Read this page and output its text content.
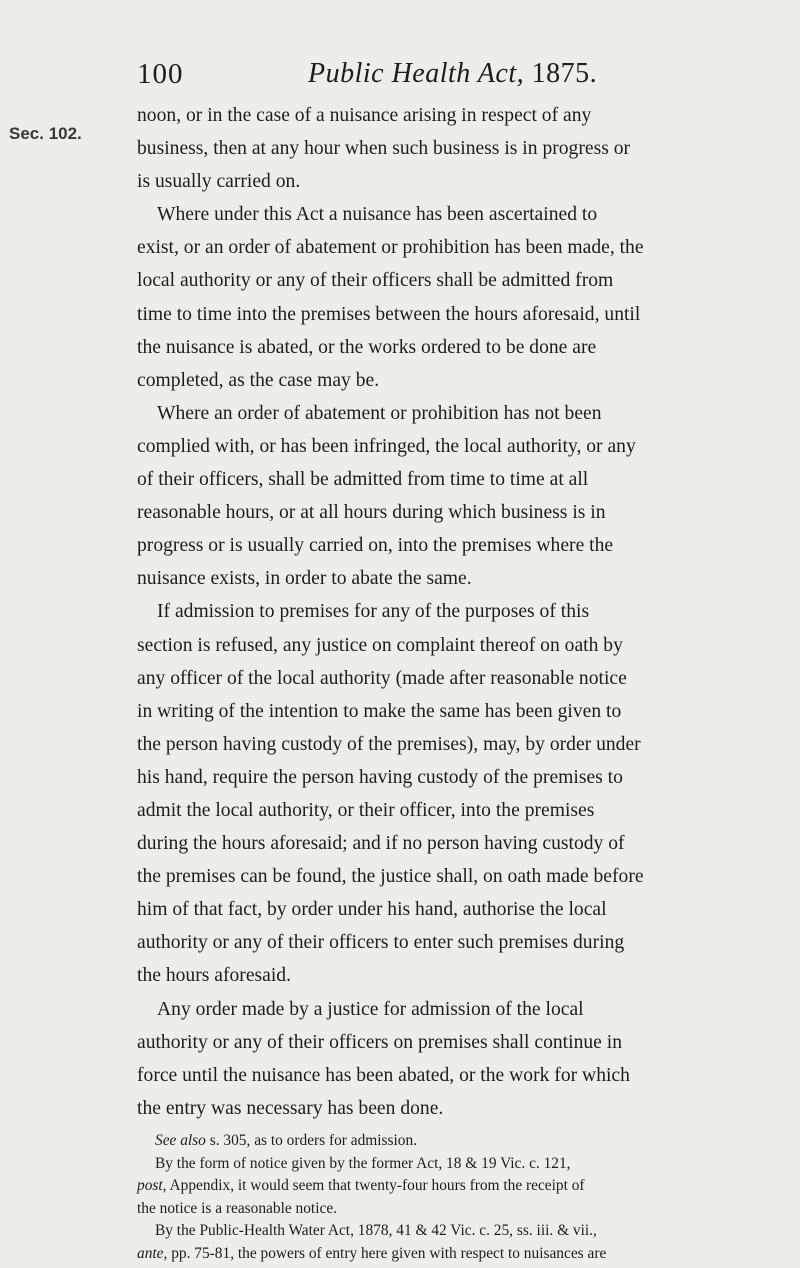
100	Public Health Act, 1875.
Sec. 102.
noon, or in the case of a nuisance arising in respect of any
business, then at any hour when such business is in progress or
is usually carried on.
Where under this Act a nuisance has been ascertained to
exist, or an order of abatement or prohibition has been made, the
local authority or any of their officers shall be admitted from
time to time into the premises between the hours aforesaid, until
the nuisance is abated, or the works ordered to be done are
completed, as the case may be.
Where an order of abatement or prohibition has not been
complied with, or has been infringed, the local authority, or any
of their officers, shall be admitted from time to time at all
reasonable hours, or at all hours during which business is in
progress or is usually carried on, into the premises where the
nuisance exists, in order to abate the same.
If admission to premises for any of the purposes of this
section is refused, any justice on complaint thereof on oath by
any officer of the local authority (made after reasonable notice
in writing of the intention to make the same has been given to
the person having custody of the premises), may, by order under
his hand, require the person having custody of the premises to
admit the local authority, or their officer, into the premises
during the hours aforesaid; and if no person having custody of
the premises can be found, the justice shall, on oath made before
him of that fact, by order under his hand, authorise the local
authority or any of their officers to enter such premises during
the hours aforesaid.
Any order made by a justice for admission of the local
authority or any of their officers on premises shall continue in
force until the nuisance has been abated, or the work for which
the entry was necessary has been done.
See also s. 305, as to orders for admission.
By the form of notice given by the former Act, 18 & 19 Vic. c. 121,
post, Appendix, it would seem that twenty-four hours from the receipt of
the notice is a reasonable notice.
By the Public-Health Water Act, 1878, 41 & 42 Vic. c. 25, ss. iii. & vii.,
ante, pp. 75-81, the powers of entry here given with respect to nuisances are
